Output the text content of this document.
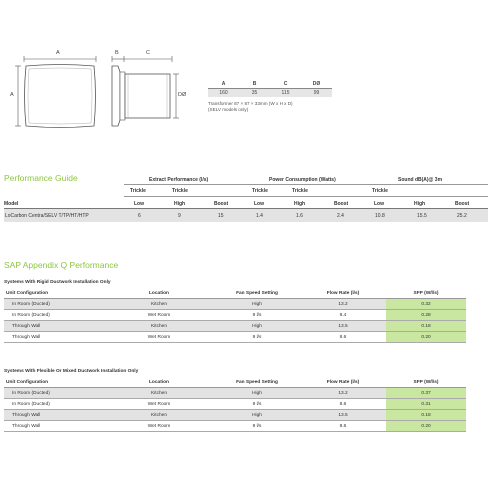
A
A
B	C
DØ
A	B	C	DØ
160	35	115	99
Transformer 87 × 87 × 33mm (W x H x D)
(SELV models only)
Performance Guide	Extract Performance (l/s)	Power Consumption (Watts)	Sound dB(A)@ 3m
Trickle	Trickle	Trickle	Trickle	Trickle
Model	Low	High	Boost	Low	High	Boost	Low	High	Boost
LoCarbon Centra/SELV T/TP/HT/HTP	6	9	15	1.4	1.6	2.4	10.8	15.5	25.2
SAP Appendix Q Performance
Systems With Rigid Ductwork Installation Only
Unit Configuration	Location	Fan Speed Setting	Flow Rate (l/s)	SFP (W/l/s)
In Room (Ducted)	Kitchen	High	13.2	0.32
In Room (Ducted)	Wet Room	9 l/s	8.4	0.28
Through Wall	Kitchen	High	13.5	0.18
Through Wall	Wet Room	9 l/s	8.6	0.20
Systems With Flexible Or Mixed Ductwork Installation Only
Unit Configuration	Location	Fan Speed Setting	Flow Rate (l/s)	SFP (W/l/s)
In Room (Ducted)	Kitchen	High	13.2	0.37
In Room (Ducted)	Wet Room	9 l/s	8.6	0.31
Through Wall	Kitchen	High	13.5	0.18
Through Wall	Wet Room	9 l/s	8.6	0.20
